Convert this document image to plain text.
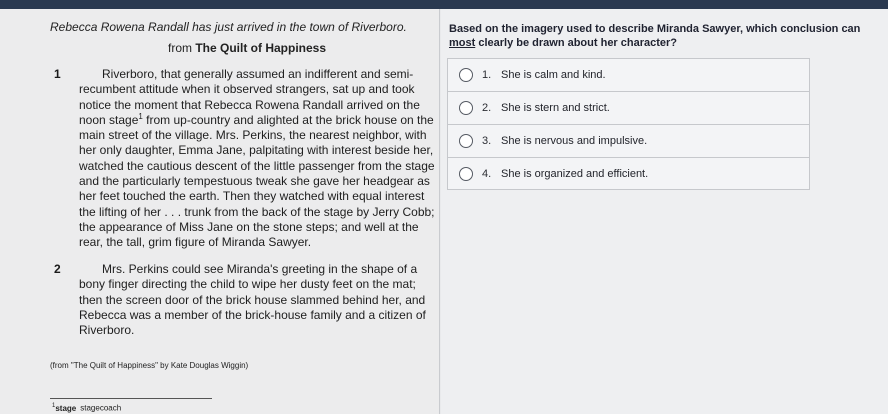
Rebecca Rowena Randall has just arrived in the town of Riverboro.
from The Quilt of Happiness
1	Riverboro, that generally assumed an indifferent and semi-recumbent attitude when it observed strangers, sat up and took notice the moment that Rebecca Rowena Randall arrived on the noon stage$^1$ from up-country and alighted at the brick house on the main street of the village. Mrs. Perkins, the nearest neighbor, with her only daughter, Emma Jane, palpitating with interest beside her, watched the cautious descent of the little passenger from the stage and the particularly tempestuous tweak she gave her headgear as her feet touched the earth. Then they watched with equal interest the lifting of her . . . trunk from the back of the stage by Jerry Cobb; the appearance of Miss Jane on the stone steps; and well at the rear, the tall, grim figure of Miranda Sawyer.
2	Mrs. Perkins could see Miranda's greeting in the shape of a bony finger directing the child to wipe her dusty feet on the mat; then the screen door of the brick house slammed behind her, and Rebecca was a member of the brick-house family and a citizen of Riverboro.
(from "The Quilt of Happiness" by Kate Douglas Wiggin)
$^1$stage stagecoach
Based on the imagery used to describe Miranda Sawyer, which conclusion can most clearly be drawn about her character?
1. She is calm and kind.
2. She is stern and strict.
3. She is nervous and impulsive.
4. She is organized and efficient.
